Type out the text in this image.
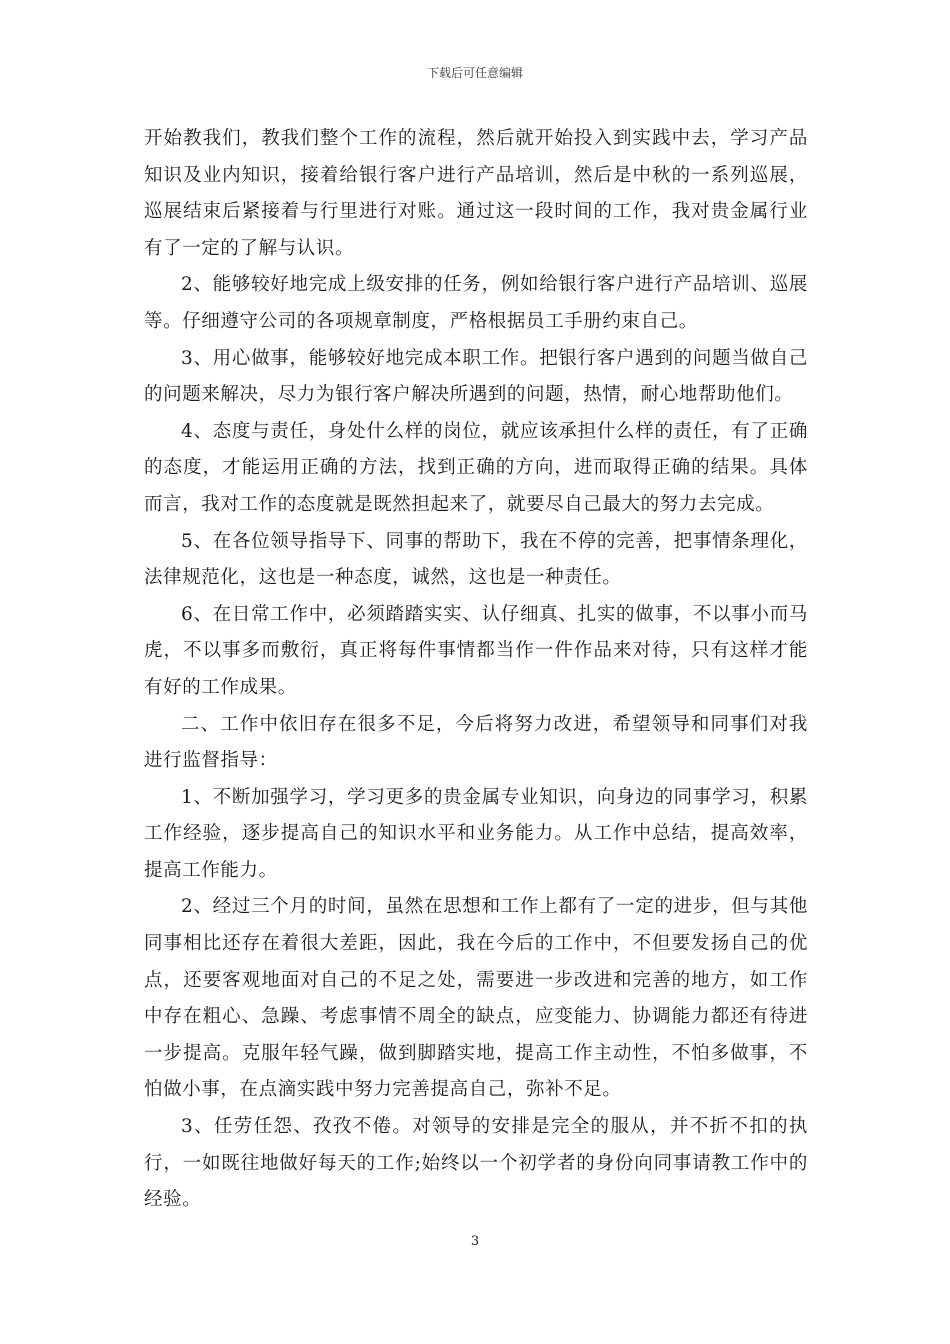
下载后可任意编辑

开始教我们，教我们整个工作的流程，然后就开始投入到实践中去，学习产品知识及业内知识，接着给银行客户进行产品培训，然后是中秋的一系列巡展，巡展结束后紧接着与行里进行对账。通过这一段时间的工作，我对贵金属行业有了一定的了解与认识。

2、能够较好地完成上级安排的任务，例如给银行客户进行产品培训、巡展等。仔细遵守公司的各项规章制度，严格根据员工手册约束自己。

3、用心做事，能够较好地完成本职工作。把银行客户遇到的问题当做自己的问题来解决，尽力为银行客户解决所遇到的问题，热情，耐心地帮助他们。

4、态度与责任，身处什么样的岗位，就应该承担什么样的责任，有了正确的态度，才能运用正确的方法，找到正确的方向，进而取得正确的结果。具体而言，我对工作的态度就是既然担起来了，就要尽自己最大的努力去完成。

5、在各位领导指导下、同事的帮助下，我在不停的完善，把事情条理化，法律规范化，这也是一种态度，诚然，这也是一种责任。

6、在日常工作中，必须踏踏实实、认仔细真、扎实的做事，不以事小而马虎，不以事多而敷衍，真正将每件事情都当作一件作品来对待，只有这样才能有好的工作成果。

二、工作中依旧存在很多不足，今后将努力改进，希望领导和同事们对我进行监督指导：

1、不断加强学习，学习更多的贵金属专业知识，向身边的同事学习，积累工作经验，逐步提高自己的知识水平和业务能力。从工作中总结，提高效率，提高工作能力。

2、经过三个月的时间，虽然在思想和工作上都有了一定的进步，但与其他同事相比还存在着很大差距，因此，我在今后的工作中，不但要发扬自己的优点，还要客观地面对自己的不足之处，需要进一步改进和完善的地方，如工作中存在粗心、急躁、考虑事情不周全的缺点，应变能力、协调能力都还有待进一步提高。克服年轻气躁，做到脚踏实地，提高工作主动性，不怕多做事，不怕做小事，在点滴实践中努力完善提高自己，弥补不足。

3、任劳任怨、孜孜不倦。对领导的安排是完全的服从，并不折不扣的执行，一如既往地做好每天的工作;始终以一个初学者的身份向同事请教工作中的经验。

3
